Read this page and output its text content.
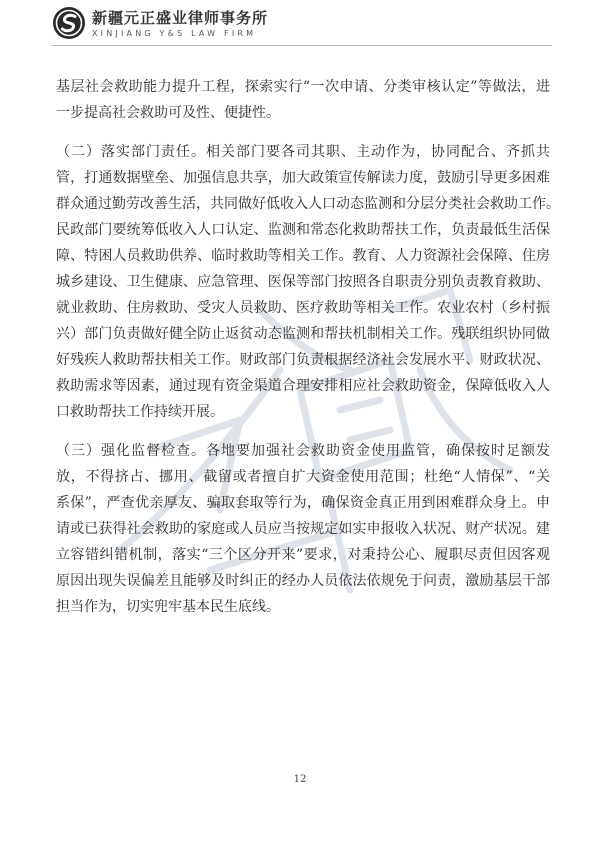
新疆元正盛业律师事务所
XINJIANG Y&S LAW FIRM
基层社会救助能力提升工程，探索实行“一次申请、分类审核认定”等做法，进
一步提高社会救助可及性、便捷性。
（二）落实部门责任。相关部门要各司其职、主动作为，协同配合、齐抓共
管，打通数据壁垒、加强信息共享，加大政策宣传解读力度，鼓励引导更多困难
群众通过勤劳改善生活，共同做好低收入人口动态监测和分层分类社会救助工作。
民政部门要统筹低收入人口认定、监测和常态化救助帮扶工作，负责最低生活保
障、特困人员救助供养、临时救助等相关工作。教育、人力资源社会保障、住房
城乡建设、卫生健康、应急管理、医保等部门按照各自职责分别负责教育救助、
就业救助、住房救助、受灾人员救助、医疗救助等相关工作。农业农村（乡村振
兴）部门负责做好健全防止返贫动态监测和帮扶机制相关工作。残联组织协同做
好残疾人救助帮扶相关工作。财政部门负责根据经济社会发展水平、财政状况、
救助需求等因素，通过现有资金渠道合理安排相应社会救助资金，保障低收入人
口救助帮扶工作持续开展。
（三）强化监督检查。各地要加强社会救助资金使用监管，确保按时足额发
放，不得挤占、挪用、截留或者擅自扩大资金使用范围；杜绝“人情保”、“关
系保”，严查优亲厚友、骗取套取等行为，确保资金真正用到困难群众身上。申
请或已获得社会救助的家庭或人员应当按规定如实申报收入状况、财产状况。建
立容错纠错机制，落实“三个区分开来”要求，对秉持公心、履职尽责但因客观
原因出现失误偏差且能够及时纠正的经办人员依法依规免于问责，激励基层干部
担当作为，切实兜牢基本民生底线。
12
